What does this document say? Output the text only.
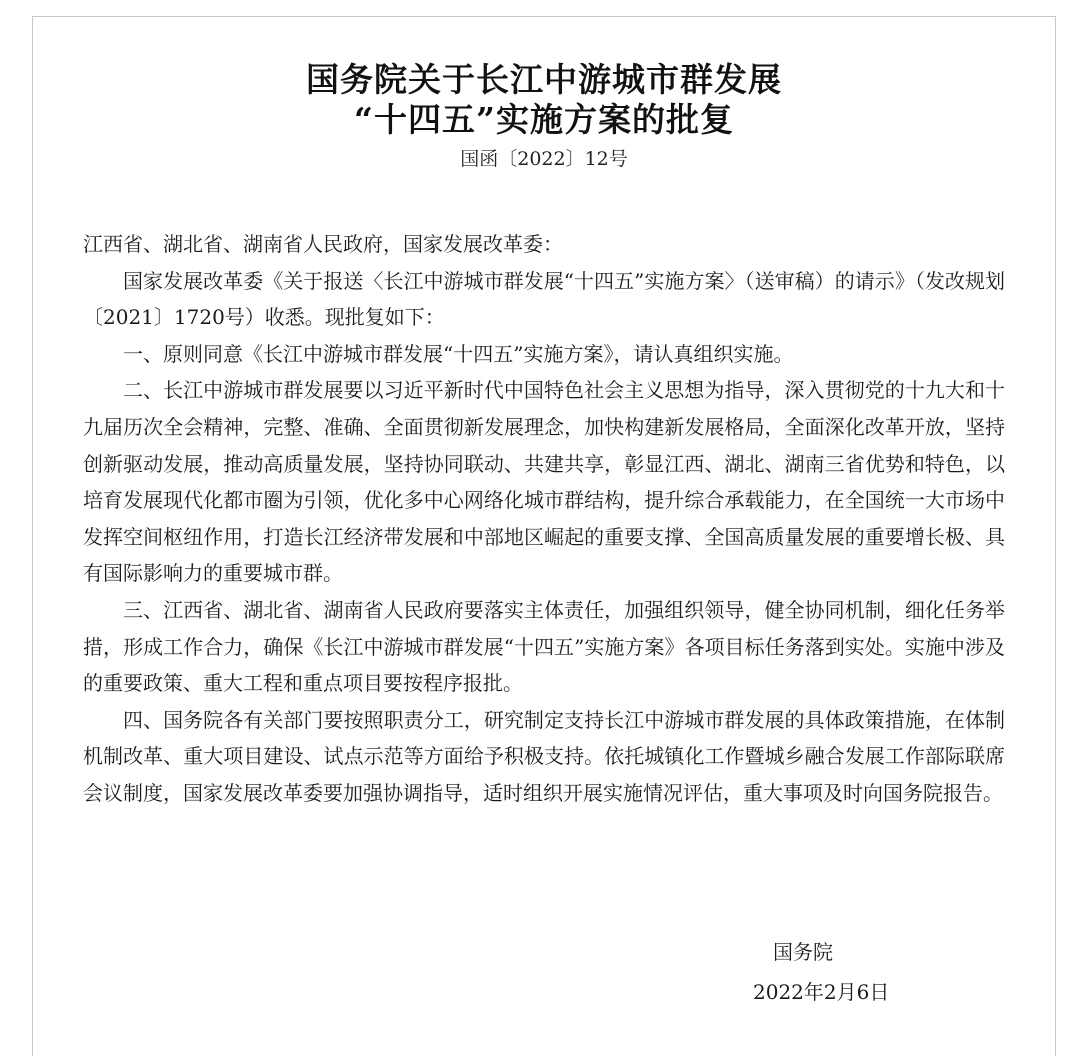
国务院关于长江中游城市群发展
“十四五”实施方案的批复
国函〔2022〕12号

江西省、湖北省、湖南省人民政府，国家发展改革委：

国家发展改革委《关于报送〈长江中游城市群发展“十四五”实施方案〉（送审稿）的请示》（发改规划〔2021〕1720号）收悉。现批复如下：

一、原则同意《长江中游城市群发展“十四五”实施方案》，请认真组织实施。

二、长江中游城市群发展要以习近平新时代中国特色社会主义思想为指导，深入贯彻党的十九大和十九届历次全会精神，完整、准确、全面贯彻新发展理念，加快构建新发展格局，全面深化改革开放，坚持创新驱动发展，推动高质量发展，坚持协同联动、共建共享，彰显江西、湖北、湖南三省优势和特色，以培育发展现代化都市圈为引领，优化多中心网络化城市群结构，提升综合承载能力，在全国统一大市场中发挥空间枢纽作用，打造长江经济带发展和中部地区崛起的重要支撑、全国高质量发展的重要增长极、具有国际影响力的重要城市群。

三、江西省、湖北省、湖南省人民政府要落实主体责任，加强组织领导，健全协同机制，细化任务举措，形成工作合力，确保《长江中游城市群发展“十四五”实施方案》各项目标任务落到实处。实施中涉及的重要政策、重大工程和重点项目要按程序报批。

四、国务院各有关部门要按照职责分工，研究制定支持长江中游城市群发展的具体政策措施，在体制机制改革、重大项目建设、试点示范等方面给予积极支持。依托城镇化工作暨城乡融合发展工作部际联席会议制度，国家发展改革委要加强协调指导，适时组织开展实施情况评估，重大事项及时向国务院报告。

国务院
2022年2月6日
